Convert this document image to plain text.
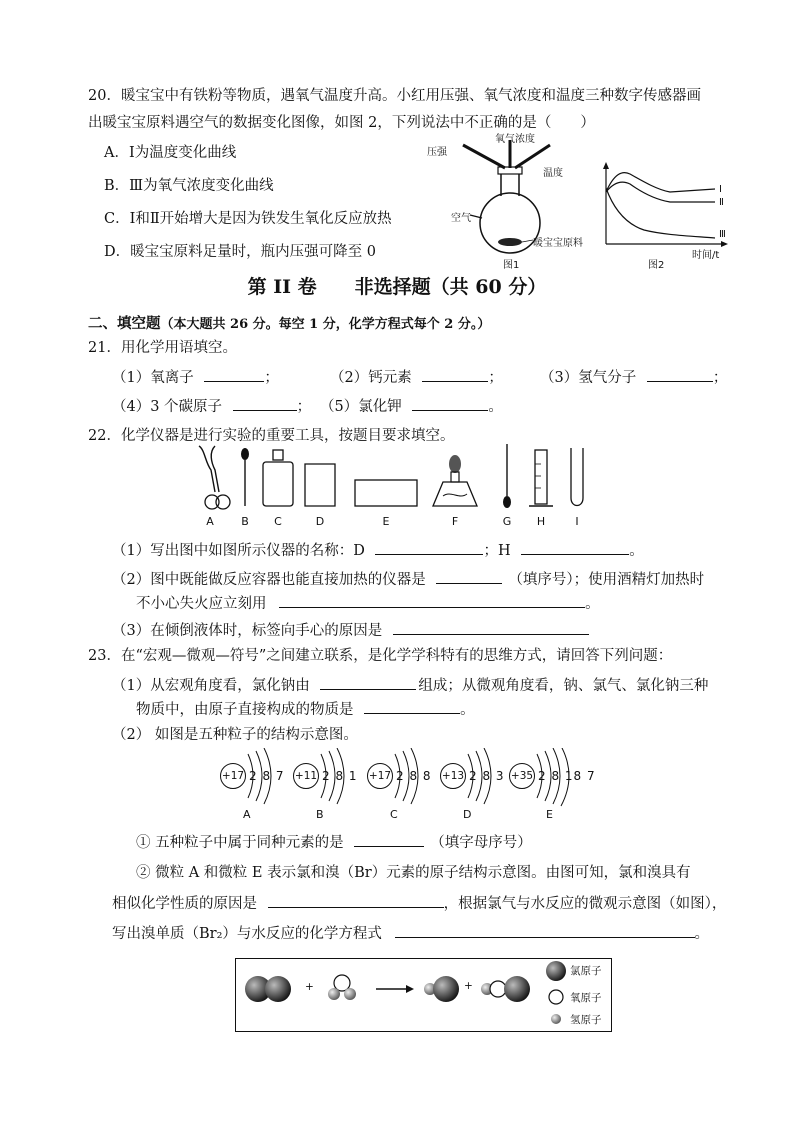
20．暖宝宝中有铁粉等物质，遇氧气温度升高。小红用压强、氧气浓度和温度三种数字传感器画
出暖宝宝原料遇空气的数据变化图像，如图 2，下列说法中不正确的是（　　）
A．Ⅰ为温度变化曲线
B．Ⅲ为氧气浓度变化曲线
C．Ⅰ和Ⅱ开始增大是因为铁发生氧化反应放热
D．暖宝宝原料足量时，瓶内压强可降至 0
压强
氧气浓度
温度
空气
暖宝宝原料
图1
Ⅰ
Ⅱ
Ⅲ
时间/t
图2
第 II 卷　　非选择题（共 60 分）
二、填空题（本大题共 26 分。每空 1 分，化学方程式每个 2 分。）
21．用化学用语填空。
（1）氧离子	；	（2）钙元素	；	（3）氢气分子	；
（4）3 个碳原子	； （5）氯化钾	。
22．化学仪器是进行实验的重要工具，按题目要求填空。
A	B	C	D	E	F	G	H	I
（1）写出图中如图所示仪器的名称：D	；H	。
（2）图中既能做反应容器也能直接加热的仪器是	（填序号）；使用酒精灯加热时
不小心失火应立刻用	。
（3）在倾倒液体时，标签向手心的原因是
23．在“宏观—微观—符号”之间建立联系，是化学学科特有的思维方式，请回答下列问题：
（1）从宏观角度看，氯化钠由	组成；从微观角度看，钠、氯气、氯化钠三种
物质中，由原子直接构成的物质是	。
（2） 如图是五种粒子的结构示意图。
+17 2 8 7 +11 2 8 1 +17 2 8 8 +13 2 8 3 +35 2 8 18 7
A	B	C	D	E
① 五种粒子中属于同种元素的是	（填字母序号）
② 微粒 A 和微粒 E 表示氯和溴（Br）元素的原子结构示意图。由图可知，氯和溴具有
相似化学性质的原因是	，根据氯气与水反应的微观示意图（如图），
写出溴单质（Br₂）与水反应的化学方程式	。
+	+
氯原子
氧原子
氢原子
